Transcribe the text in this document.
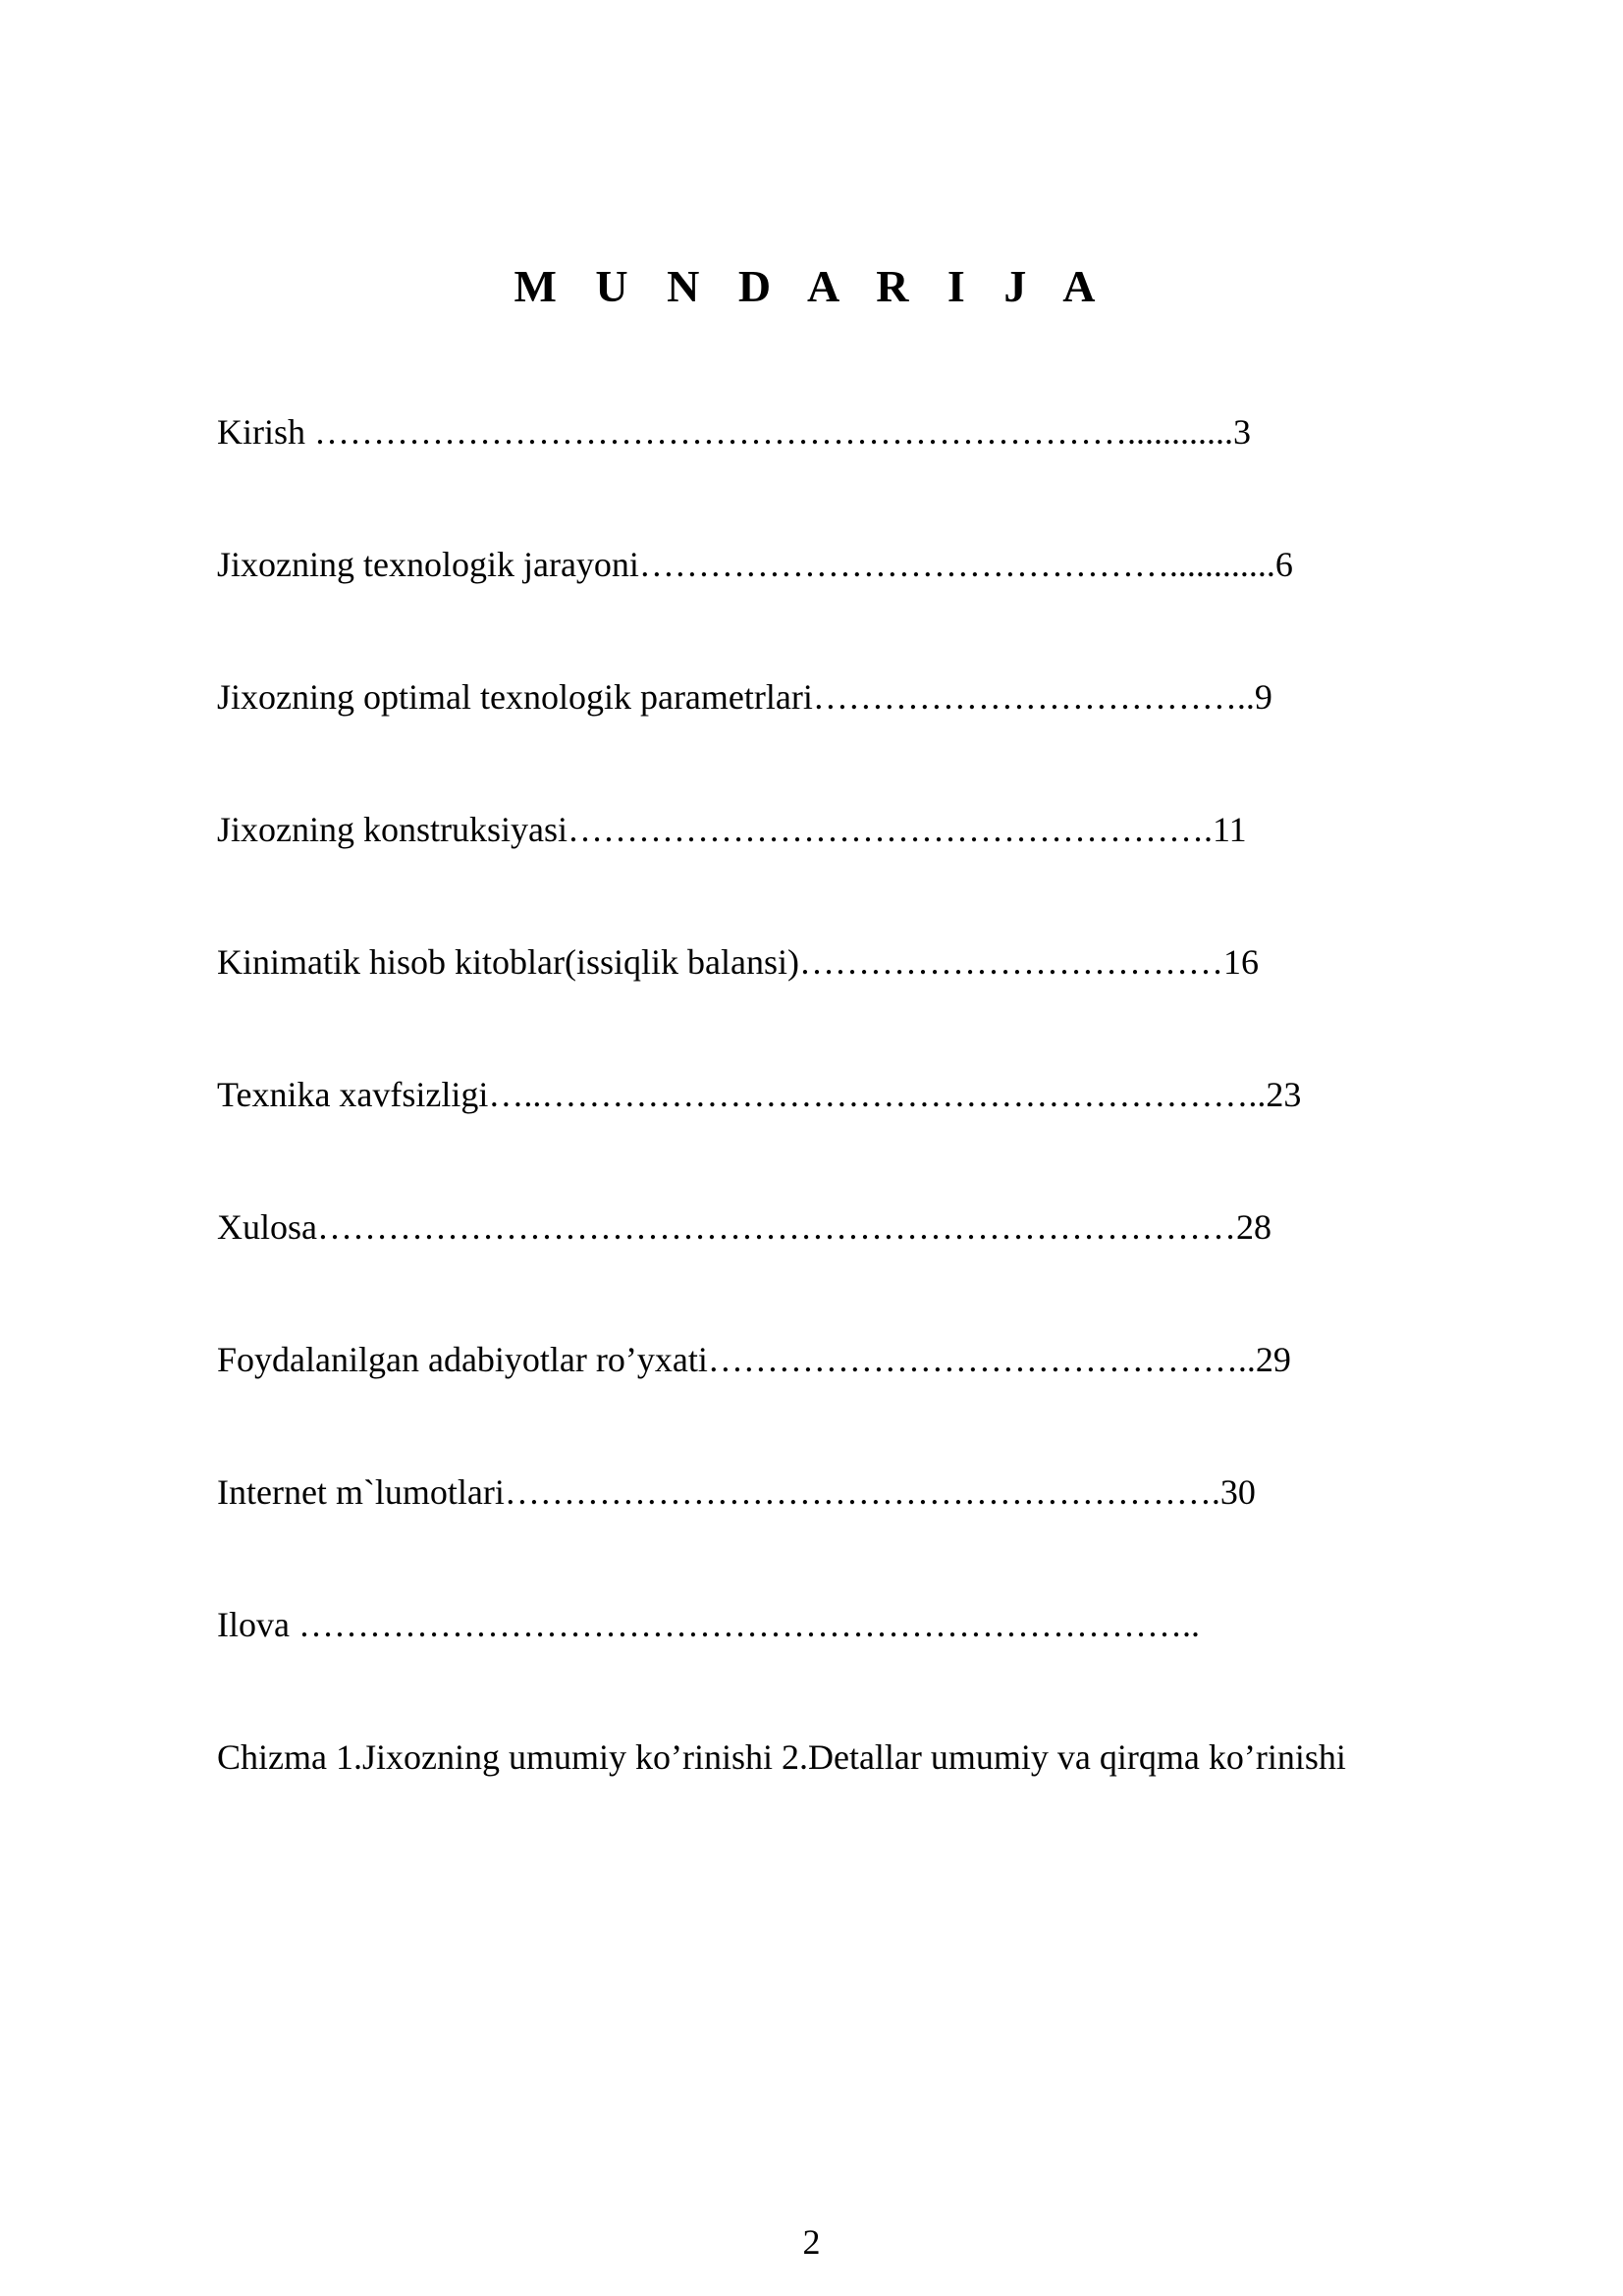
M U N D A R I J A
Kirish ……………………………………………………………............3
Jixozning texnologik jarayoni………………………………………............6
Jixozning optimal texnologik parametrlari………………………………..9
Jixozning konstruksiyasi……………………………………………….11
Kinimatik hisob kitoblar(issiqlik balansi)………………………………16
Texnika xavfsizligi…..……………………………………………………..23
Xulosa……………………………………………………………………28
Foydalanilgan adabiyotlar ro’yxati………………………………………..29
Internet m`lumotlari…………………………………………………….30
Ilova …………………………………………………………………..
Chizma 1.Jixozning umumiy ko’rinishi 2.Detallar umumiy va qirqma ko’rinishi
2
